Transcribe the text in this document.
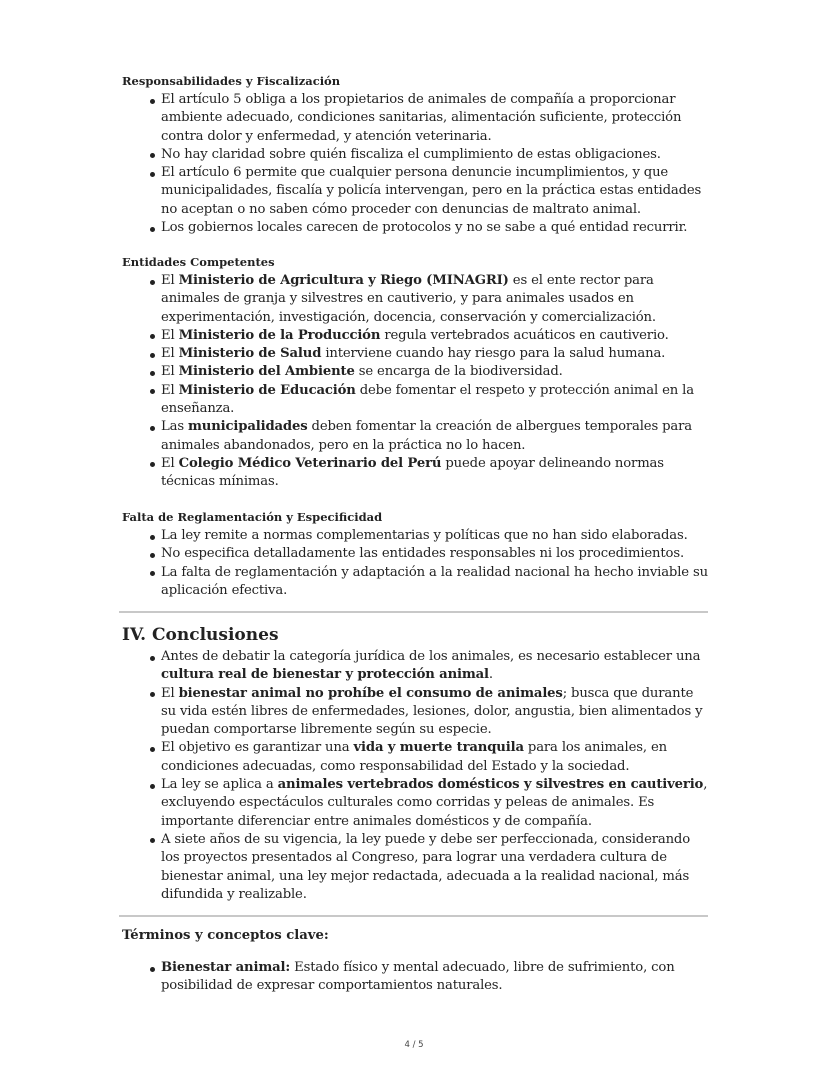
Responsabilidades y Fiscalización
El artículo 5 obliga a los propietarios de animales de compañía a proporcionar ambiente adecuado, condiciones sanitarias, alimentación suficiente, protección contra dolor y enfermedad, y atención veterinaria.
No hay claridad sobre quién fiscaliza el cumplimiento de estas obligaciones.
El artículo 6 permite que cualquier persona denuncie incumplimientos, y que municipalidades, fiscalía y policía intervengan, pero en la práctica estas entidades no aceptan o no saben cómo proceder con denuncias de maltrato animal.
Los gobiernos locales carecen de protocolos y no se sabe a qué entidad recurrir.
Entidades Competentes
El Ministerio de Agricultura y Riego (MINAGRI) es el ente rector para animales de granja y silvestres en cautiverio, y para animales usados en experimentación, investigación, docencia, conservación y comercialización.
El Ministerio de la Producción regula vertebrados acuáticos en cautiverio.
El Ministerio de Salud interviene cuando hay riesgo para la salud humana.
El Ministerio del Ambiente se encarga de la biodiversidad.
El Ministerio de Educación debe fomentar el respeto y protección animal en la enseñanza.
Las municipalidades deben fomentar la creación de albergues temporales para animales abandonados, pero en la práctica no lo hacen.
El Colegio Médico Veterinario del Perú puede apoyar delineando normas técnicas mínimas.
Falta de Reglamentación y Especificidad
La ley remite a normas complementarias y políticas que no han sido elaboradas.
No especifica detalladamente las entidades responsables ni los procedimientos.
La falta de reglamentación y adaptación a la realidad nacional ha hecho inviable su aplicación efectiva.
IV. Conclusiones
Antes de debatir la categoría jurídica de los animales, es necesario establecer una cultura real de bienestar y protección animal.
El bienestar animal no prohíbe el consumo de animales; busca que durante su vida estén libres de enfermedades, lesiones, dolor, angustia, bien alimentados y puedan comportarse libremente según su especie.
El objetivo es garantizar una vida y muerte tranquila para los animales, en condiciones adecuadas, como responsabilidad del Estado y la sociedad.
La ley se aplica a animales vertebrados domésticos y silvestres en cautiverio, excluyendo espectáculos culturales como corridas y peleas de animales. Es importante diferenciar entre animales domésticos y de compañía.
A siete años de su vigencia, la ley puede y debe ser perfeccionada, considerando los proyectos presentados al Congreso, para lograr una verdadera cultura de bienestar animal, una ley mejor redactada, adecuada a la realidad nacional, más difundida y realizable.
Términos y conceptos clave:
Bienestar animal: Estado físico y mental adecuado, libre de sufrimiento, con posibilidad de expresar comportamientos naturales.
4 / 5
